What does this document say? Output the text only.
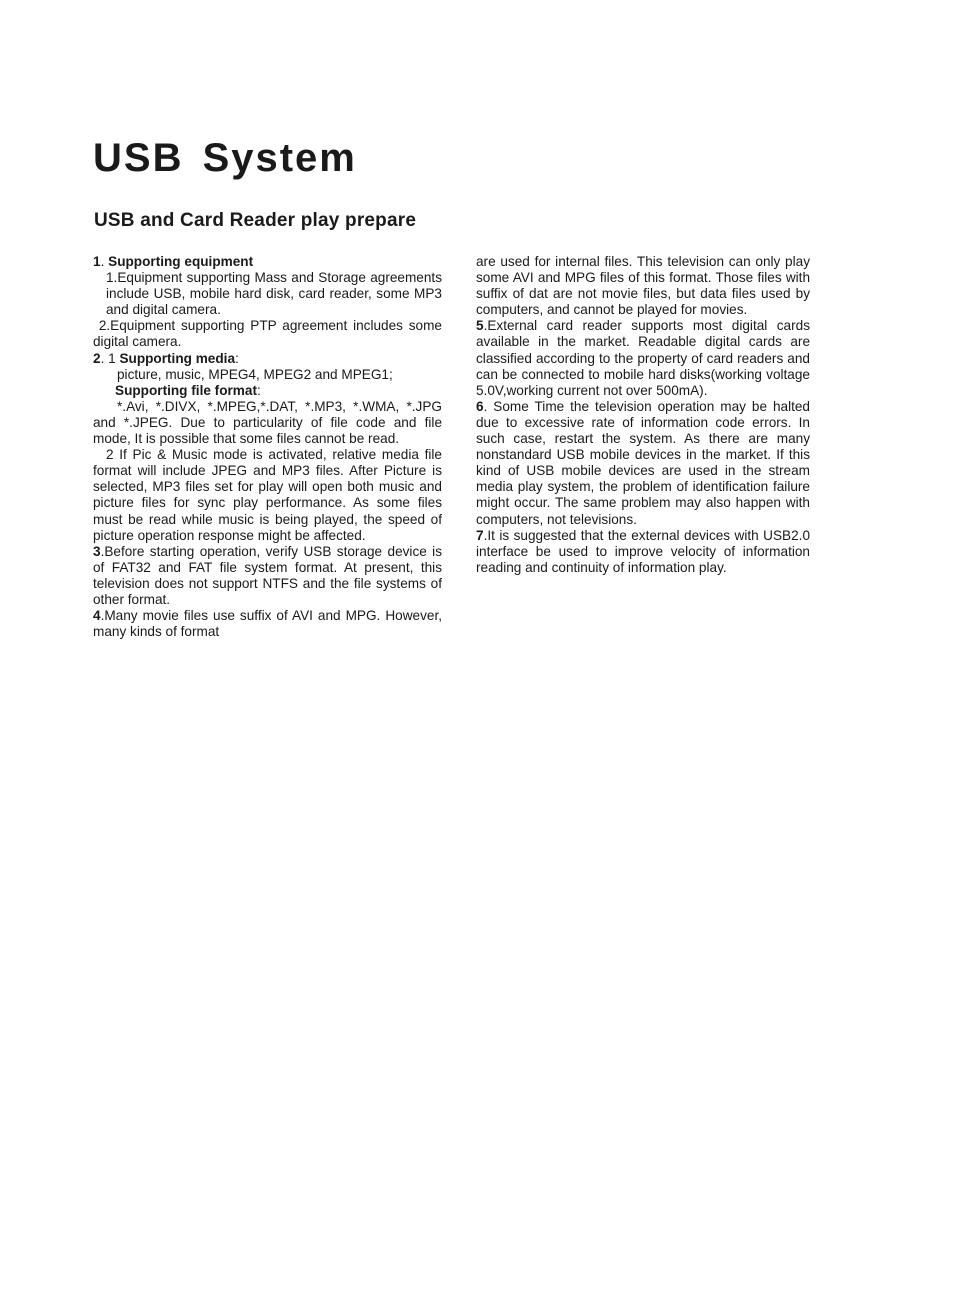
USB System
USB and Card Reader play prepare

1. Supporting equipment

1.Equipment supporting Mass and Storage agreements include USB, mobile hard disk, card reader, some MP3 and digital camera.

2.Equipment supporting PTP agreement includes some digital camera.

2. 1 Supporting media:

picture, music, MPEG4, MPEG2 and MPEG1;

Supporting file format:

*.Avi, *.DIVX, *.MPEG,*.DAT, *.MP3, *.WMA, *.JPG and *.JPEG. Due to particularity of file code and file mode, It is possible that some files cannot be read.

2 If Pic & Music mode is activated, relative media file format will include JPEG and MP3 files. After Picture is selected, MP3 files set for play will open both music and picture files for sync play performance. As some files must be read while music is being played, the speed of picture operation response might be affected.

3.Before starting operation, verify USB storage device is of FAT32 and FAT file system format. At present, this television does not support NTFS and the file systems of other format.

4.Many movie files use suffix of AVI and MPG. However, many kinds of format

are used for internal files. This television can only play some AVI and MPG files of this format. Those files with suffix of dat are not movie files, but data files used by computers, and cannot be played for movies.

5.External card reader supports most digital cards available in the market. Readable digital cards are classified according to the property of card readers and can be connected to mobile hard disks(working voltage 5.0V,working current not over 500mA).

6. Some Time the television operation may be halted due to excessive rate of information code errors. In such case, restart the system. As there are many nonstandard USB mobile devices in the market. If this kind of USB mobile devices are used in the stream media play system, the problem of identification failure might occur. The same problem may also happen with computers, not televisions.

7.It is suggested that the external devices with USB2.0 interface be used to improve velocity of information reading and continuity of information play.
